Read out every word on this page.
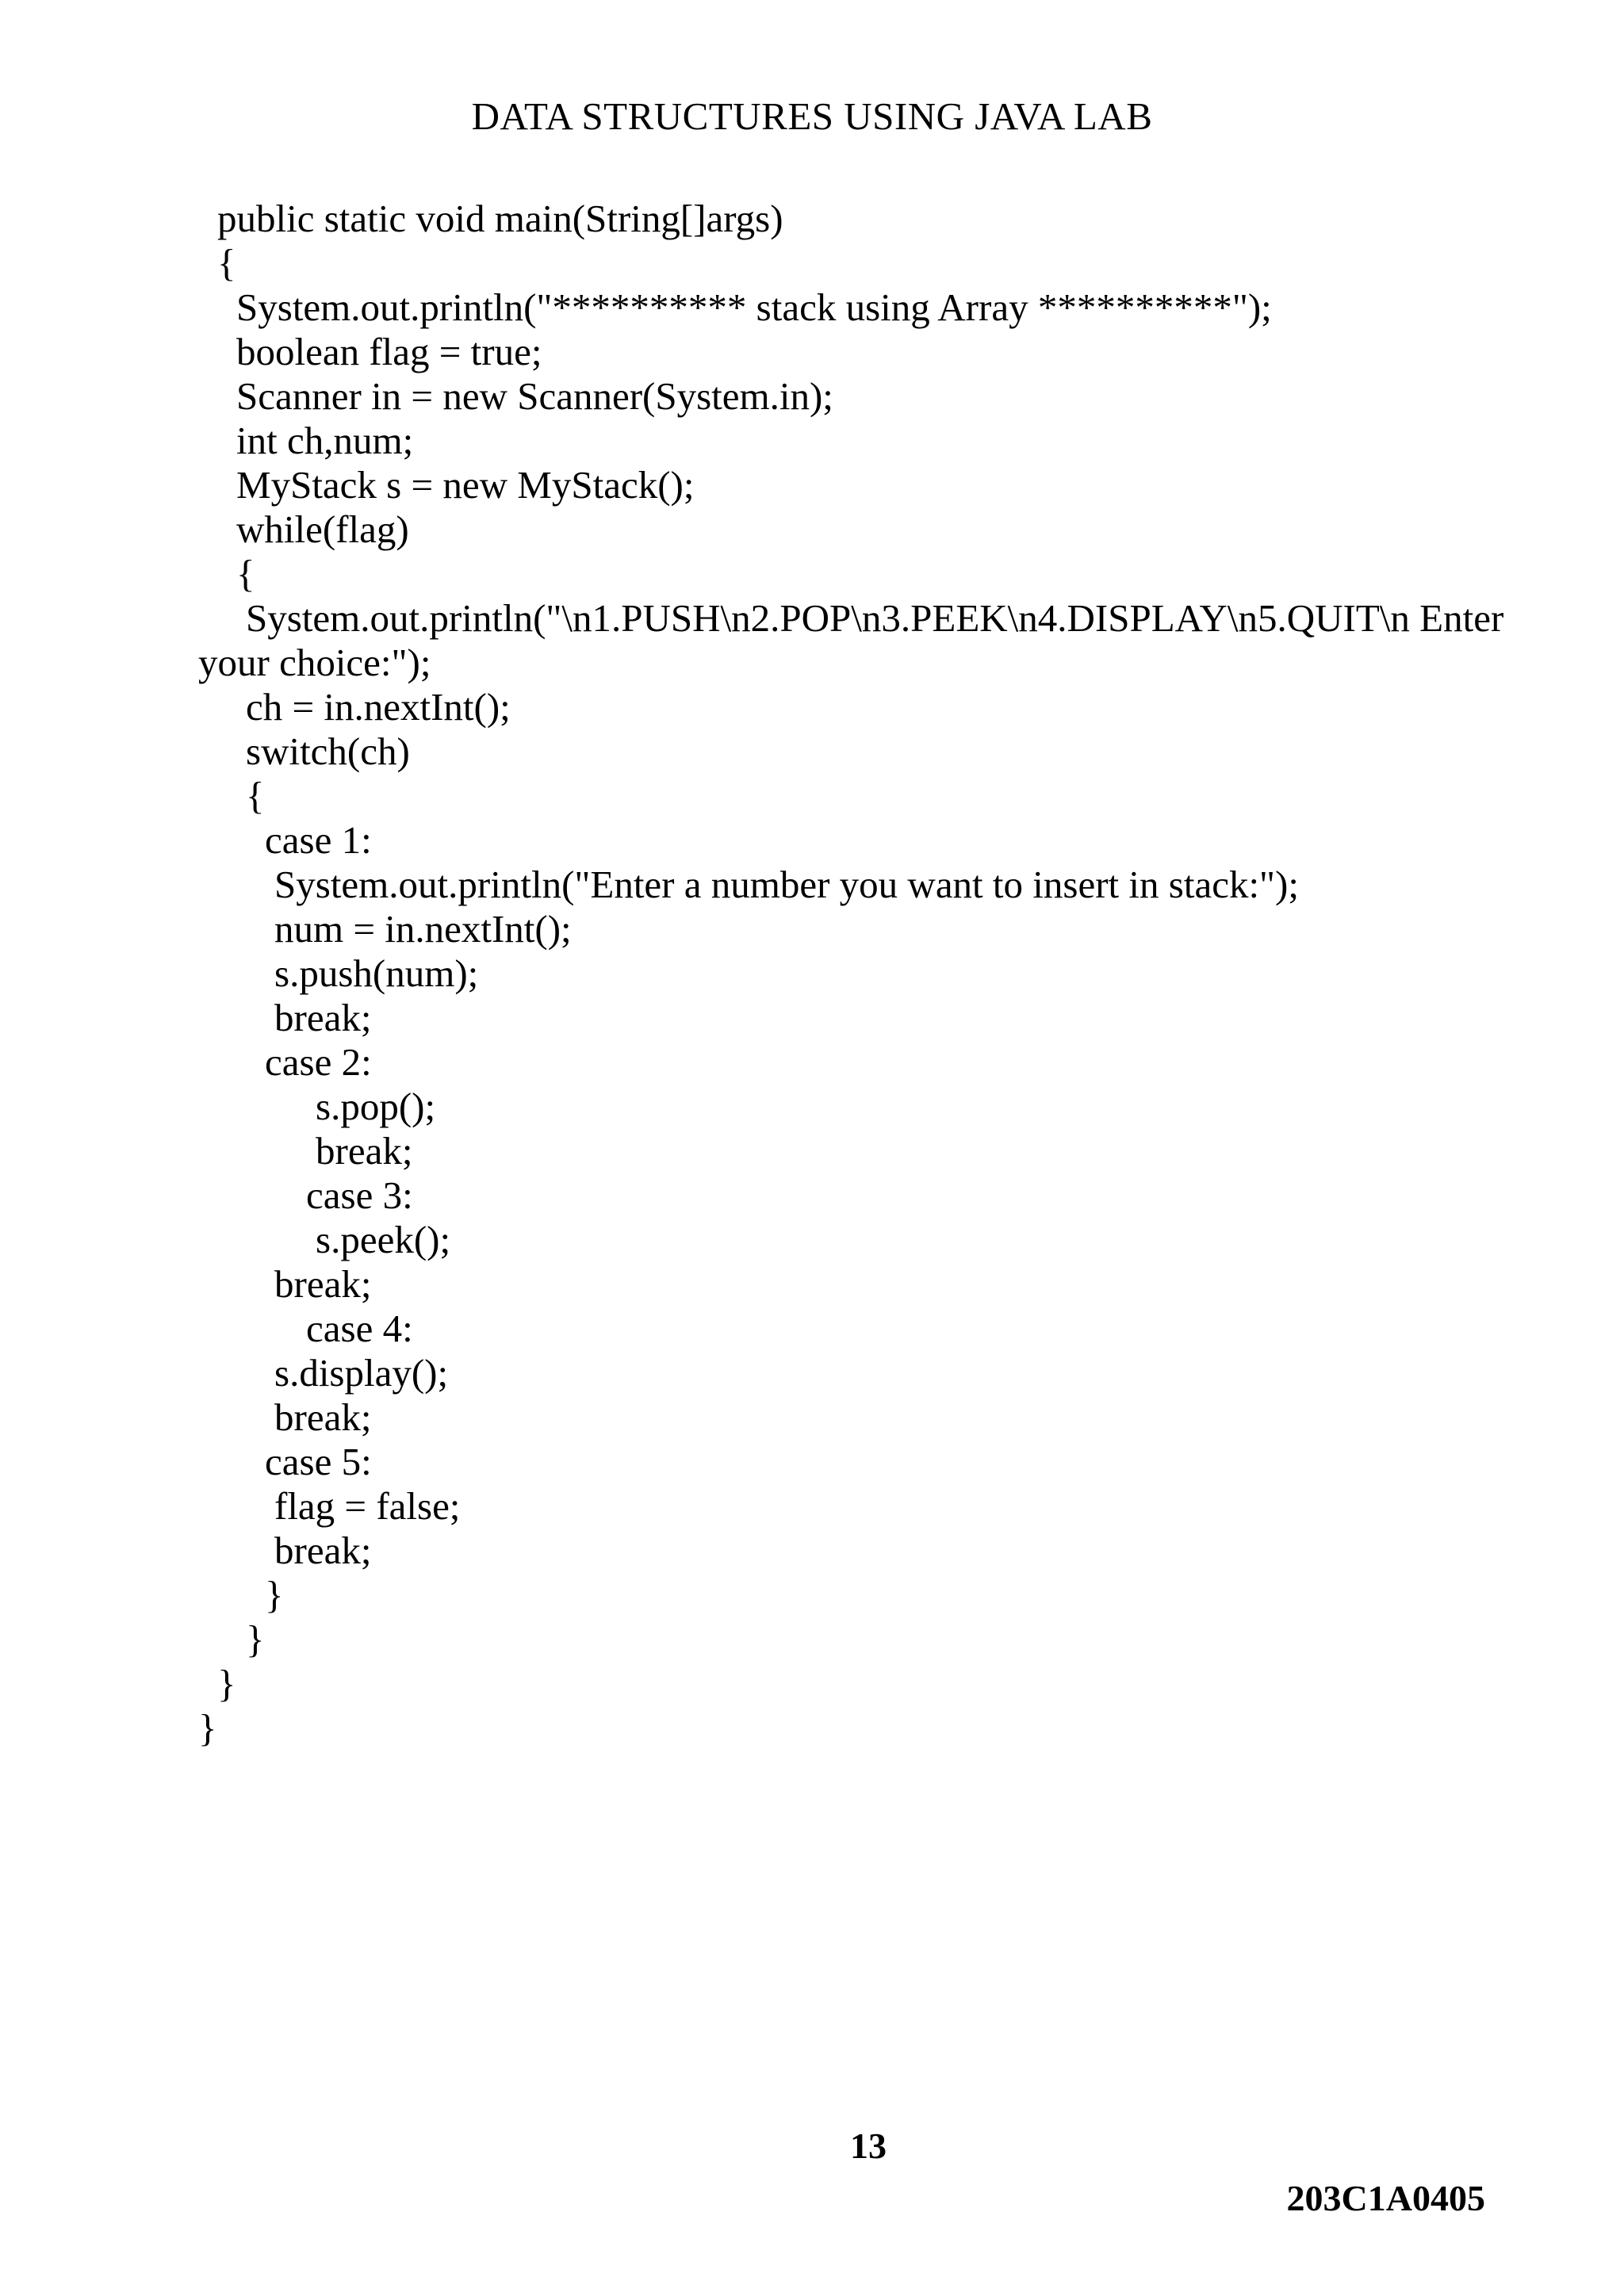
DATA STRUCTURES USING JAVA LAB
public static void main(String[]args)
{
System.out.println("********** stack using Array **********");
boolean flag = true;
Scanner in = new Scanner(System.in);
int ch,num;
MyStack s = new MyStack();
while(flag)
{
System.out.println("\n1.PUSH\n2.POP\n3.PEEK\n4.DISPLAY\n5.QUIT\n Enter
your choice:");
ch = in.nextInt();
switch(ch)
{
case 1:
System.out.println("Enter a number you want to insert in stack:");
num = in.nextInt();
s.push(num);
break;
case 2:
s.pop();
break;
case 3:
s.peek();
break;
case 4:
s.display();
break;
case 5:
flag = false;
break;
}
}
}
}
13
203C1A0405
